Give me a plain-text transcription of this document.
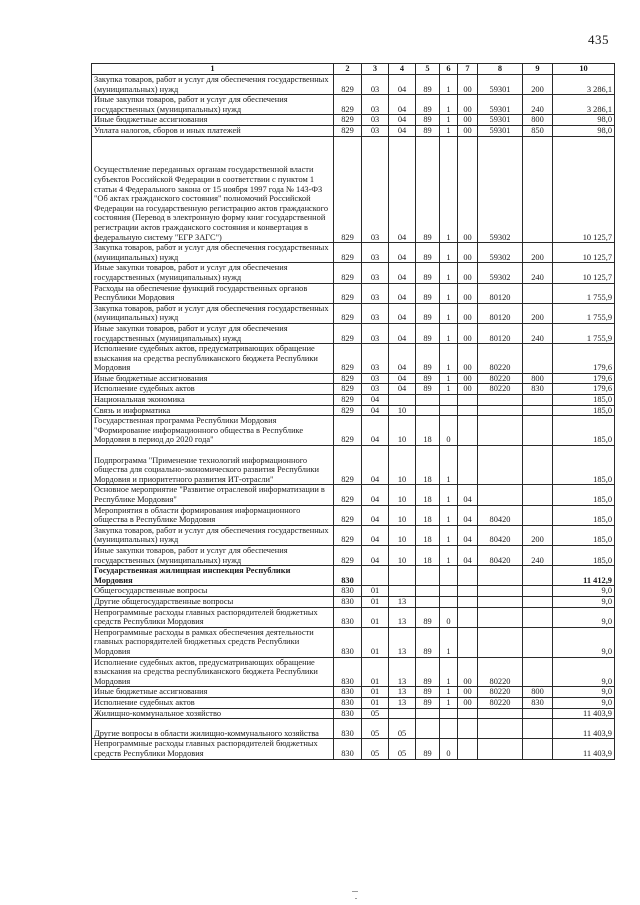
435
1	2	3	4	5	6	7	8	9	10
Закупка товаров, работ и услуг для обеспечения государственных (муниципальных) нужд	829	03	04	89	1	00	59301	200	3 286,1
Иные закупки товаров, работ и услуг для обеспечения государственных (муниципальных) нужд	829	03	04	89	1	00	59301	240	3 286,1
Иные бюджетные ассигнования	829	03	04	89	1	00	59301	800	98,0
Уплата налогов, сборов и иных платежей	829	03	04	89	1	00	59301	850	98,0
Осуществление переданных органам государственной власти субъектов Российской Федерации в соответствии с пунктом 1 статьи 4 Федерального закона от 15 ноября 1997 года № 143-ФЗ "Об актах гражданского состояния" полномочий Российской Федерации на государственную регистрацию актов гражданского состояния (Перевод в электронную форму книг государственной регистрации актов гражданского состояния и конвертация в федеральную систему "ЕГР ЗАГС")	829	03	04	89	1	00	59302		10 125,7
Закупка товаров, работ и услуг для обеспечения государственных (муниципальных) нужд	829	03	04	89	1	00	59302	200	10 125,7
Иные закупки товаров, работ и услуг для обеспечения государственных (муниципальных) нужд	829	03	04	89	1	00	59302	240	10 125,7
Расходы на обеспечение функций государственных органов Республики Мордовия	829	03	04	89	1	00	80120		1 755,9
Закупка товаров, работ и услуг для обеспечения государственных (муниципальных) нужд	829	03	04	89	1	00	80120	200	1 755,9
Иные закупки товаров, работ и услуг для обеспечения государственных (муниципальных) нужд	829	03	04	89	1	00	80120	240	1 755,9
Исполнение судебных актов, предусматривающих обращение взыскания на средства республиканского бюджета Республики Мордовия	829	03	04	89	1	00	80220		179,6
Иные бюджетные ассигнования	829	03	04	89	1	00	80220	800	179,6
Исполнение судебных актов	829	03	04	89	1	00	80220	830	179,6
Национальная экономика	829	04							185,0
Связь и информатика	829	04	10						185,0
Государственная программа Республики Мордовия "Формирование информационного общества в Республике Мордовия в период до 2020 года"	829	04	10	18	0				185,0
Подпрограмма "Применение технологий информационного общества для социально-экономического развития Республики Мордовия и приоритетного развития ИТ-отрасли"	829	04	10	18	1				185,0
Основное мероприятие "Развитие отраслевой информатизации в Республике Мордовия"	829	04	10	18	1	04			185,0
Мероприятия в области формирования информационного общества в Республике Мордовия	829	04	10	18	1	04	80420		185,0
Закупка товаров, работ и услуг для обеспечения государственных (муниципальных) нужд	829	04	10	18	1	04	80420	200	185,0
Иные закупки товаров, работ и услуг для обеспечения государственных (муниципальных) нужд	829	04	10	18	1	04	80420	240	185,0
Государственная жилищная инспекция Республики Мордовия	830								11 412,9
Общегосударственные вопросы	830	01							9,0
Другие общегосударственные вопросы	830	01	13						9,0
Непрограммные расходы главных распорядителей бюджетных средств Республики Мордовия	830	01	13	89	0				9,0
Непрограммные расходы в рамках обеспечения деятельности главных распорядителей бюджетных средств Республики Мордовия	830	01	13	89	1				9,0
Исполнение судебных актов, предусматривающих обращение взыскания на средства республиканского бюджета Республики Мордовия	830	01	13	89	1	00	80220		9,0
Иные бюджетные ассигнования	830	01	13	89	1	00	80220	800	9,0
Исполнение судебных актов	830	01	13	89	1	00	80220	830	9,0
Жилищно-коммунальное хозяйство	830	05							11 403,9
Другие вопросы в области жилищно-коммунального хозяйства	830	05	05						11 403,9
Непрограммные расходы главных распорядителей бюджетных средств Республики Мордовия	830	05	05	89	0				11 403,9
